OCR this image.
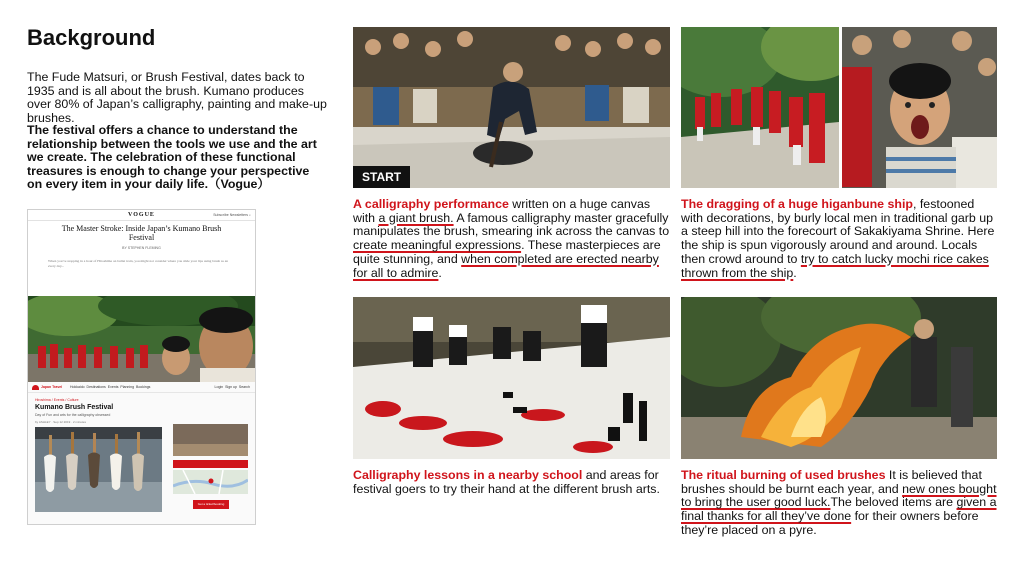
Background

The Fude Matsuri, or Brush Festival, dates back to 1935 and is all about the brush. Kumano produces over 80% of Japan’s calligraphy, painting and make-up brushes.

The festival offers a chance to understand the relationship between the tools we use and the art we create. The celebration of these functional treasures is enough to change your perspective on every item in your daily life.（Vogue）

VOGUE	Subscribe Newsletters ⌕
The Master Stroke: Inside Japan’s Kumano Brush Festival
BY STEPHEN FLEMING
When you’re stopping in a hour of Hiroshima on bullet train, you might not consider where you slide your lips using brush as an every day...
Japan Travel Hokkaido Destinations Events Planning Bookings	Login Sign up Search
Hiroshima / Events / Culture
Kumano Brush Festival
Day of Fun and arts for the calligraphy obsessed
by ASHLEY · Sep 12 2019 · 2 minutes
Get a ticket/booking
START
A calligraphy performance written on a huge canvas with a giant brush. A famous calligraphy master gracefully manipulates the brush, smearing ink across the canvas to create meaningful expressions. These masterpieces are quite stunning, and when completed are erected nearby for all to admire.
The dragging of a huge higanbune ship, festooned with decorations, by burly local men in traditional garb up a steep hill into the forecourt of Sakakiyama Shrine. Here the ship is spun vigorously around and around. Locals then crowd around to try to catch lucky mochi rice cakes thrown from the ship.
Calligraphy lessons in a nearby school and areas for festival goers to try their hand at the different brush arts.
The ritual burning of used brushes It is believed that brushes should be burnt each year, and new ones bought to bring the user good luck.The beloved items are given a final thanks for all they’ve done for their owners before they’re placed on a pyre.
